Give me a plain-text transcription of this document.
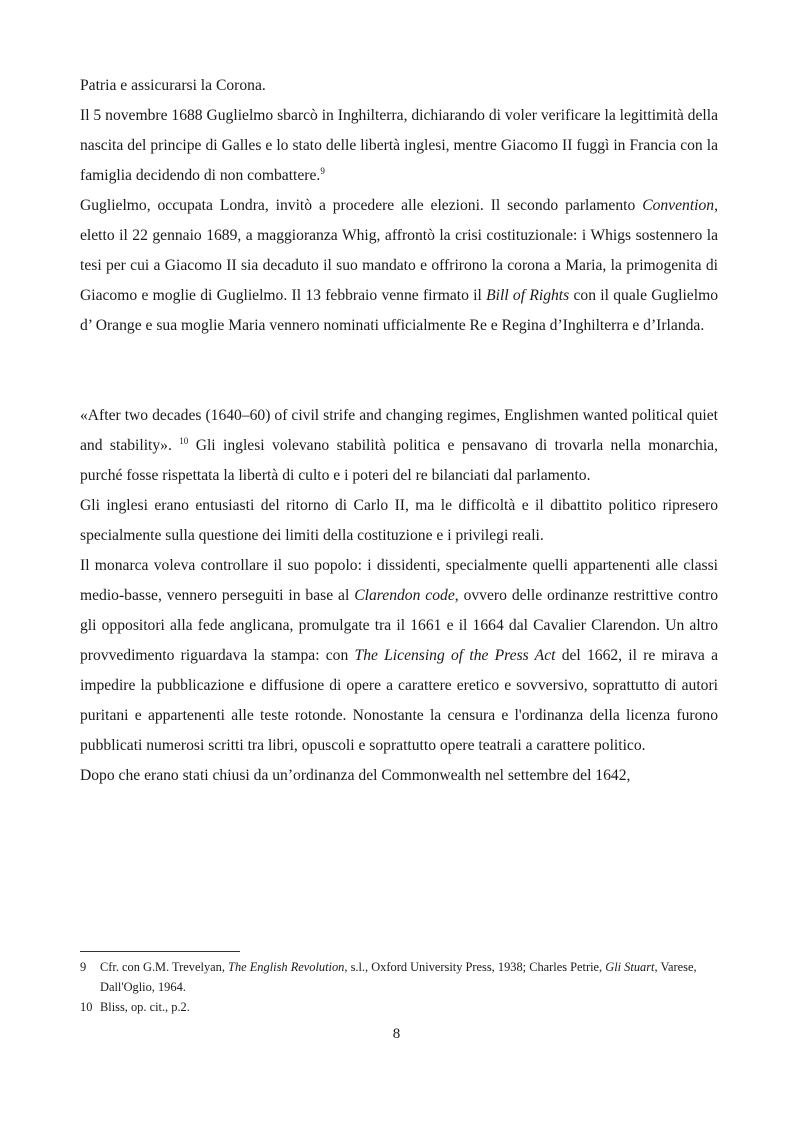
Patria e assicurarsi la Corona.

Il 5 novembre 1688 Guglielmo sbarcò in Inghilterra, dichiarando di voler verificare la legittimità della nascita del principe di Galles e lo stato delle libertà inglesi, mentre Giacomo II fuggì in Francia con la famiglia decidendo di non combattere.$^9$

Guglielmo, occupata Londra, invitò a procedere alle elezioni. Il secondo parlamento Convention, eletto il 22 gennaio 1689, a maggioranza Whig, affrontò la crisi costituzionale: i Whigs sostennero la tesi per cui a Giacomo II sia decaduto il suo mandato e offrirono la corona a Maria, la primogenita di Giacomo e moglie di Guglielmo. Il 13 febbraio venne firmato il Bill of Rights con il quale Guglielmo d’ Orange e sua moglie Maria vennero nominati ufficialmente Re e Regina d’Inghilterra e d’Irlanda.

«After two decades (1640–60) of civil strife and changing regimes, Englishmen wanted political quiet and stability». $^{10}$ Gli inglesi volevano stabilità politica e pensavano di trovarla nella monarchia, purché fosse rispettata la libertà di culto e i poteri del re bilanciati dal parlamento.

Gli inglesi erano entusiasti del ritorno di Carlo II, ma le difficoltà e il dibattito politico ripresero specialmente sulla questione dei limiti della costituzione e i privilegi reali.

Il monarca voleva controllare il suo popolo: i dissidenti, specialmente quelli appartenenti alle classi medio-basse, vennero perseguiti in base al Clarendon code, ovvero delle ordinanze restrittive contro gli oppositori alla fede anglicana, promulgate tra il 1661 e il 1664 dal Cavalier Clarendon. Un altro provvedimento riguardava la stampa: con The Licensing of the Press Act del 1662, il re mirava a impedire la pubblicazione e diffusione di opere a carattere eretico e sovversivo, soprattutto di autori puritani e appartenenti alle teste rotonde. Nonostante la censura e l'ordinanza della licenza furono pubblicati numerosi scritti tra libri, opuscoli e soprattutto opere teatrali a carattere politico.

Dopo che erano stati chiusi da un’ordinanza del Commonwealth nel settembre del 1642,

9	Cfr. con G.M. Trevelyan, The English Revolution, s.l., Oxford University Press, 1938; Charles Petrie, Gli Stuart, Varese, Dall'Oglio, 1964.

10 Bliss, op. cit., p.2.

8
